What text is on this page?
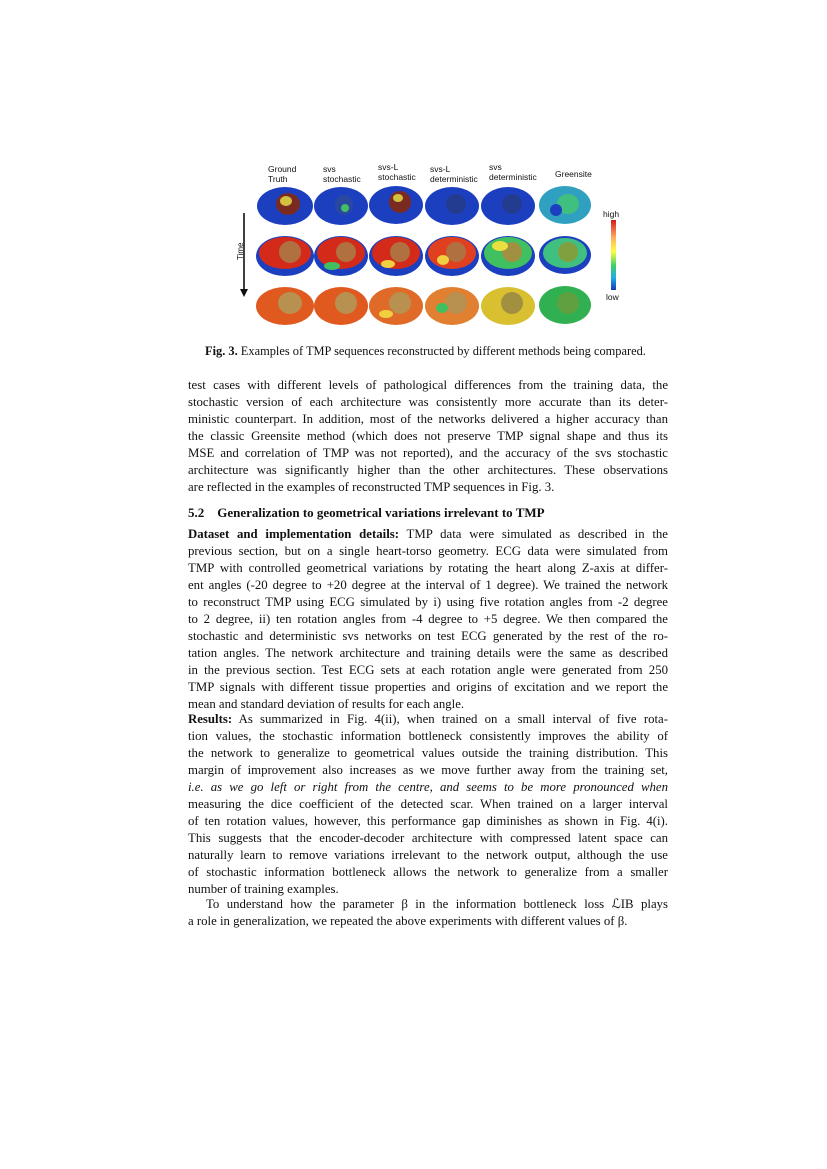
Ground
Truth
svs
stochastic
svs-L
stochastic
svs-L
deterministic
svs
deterministic	Greensite
Time
high
low
Fig. 3. Examples of TMP sequences reconstructed by different methods being compared.
test cases with different levels of pathological differences from the training data, the
stochastic version of each architecture was consistently more accurate than its deter-
ministic counterpart. In addition, most of the networks delivered a higher accuracy than
the classic Greensite method (which does not preserve TMP signal shape and thus its
MSE and correlation of TMP was not reported), and the accuracy of the svs stochastic
architecture was significantly higher than the other architectures. These observations
are reflected in the examples of reconstructed TMP sequences in Fig. 3.
5.2 Generalization to geometrical variations irrelevant to TMP
Dataset and implementation details: TMP data were simulated as described in the
previous section, but on a single heart-torso geometry. ECG data were simulated from
TMP with controlled geometrical variations by rotating the heart along Z-axis at differ-
ent angles (-20 degree to +20 degree at the interval of 1 degree). We trained the network
to reconstruct TMP using ECG simulated by i) using five rotation angles from -2 degree
to 2 degree, ii) ten rotation angles from -4 degree to +5 degree. We then compared the
stochastic and deterministic svs networks on test ECG generated by the rest of the ro-
tation angles. The network architecture and training details were the same as described
in the previous section. Test ECG sets at each rotation angle were generated from 250
TMP signals with different tissue properties and origins of excitation and we report the
mean and standard deviation of results for each angle.
Results: As summarized in Fig. 4(ii), when trained on a small interval of five rota-
tion values, the stochastic information bottleneck consistently improves the ability of
the network to generalize to geometrical values outside the training distribution. This
margin of improvement also increases as we move further away from the training set,
i.e. as we go left or right from the centre, and seems to be more pronounced when
measuring the dice coefficient of the detected scar. When trained on a larger interval
of ten rotation values, however, this performance gap diminishes as shown in Fig. 4(i).
This suggests that the encoder-decoder architecture with compressed latent space can
naturally learn to remove variations irrelevant to the network output, although the use
of stochastic information bottleneck allows the network to generalize from a smaller
number of training examples.
To understand how the parameter β in the information bottleneck loss ℒIB plays
a role in generalization, we repeated the above experiments with different values of β.
